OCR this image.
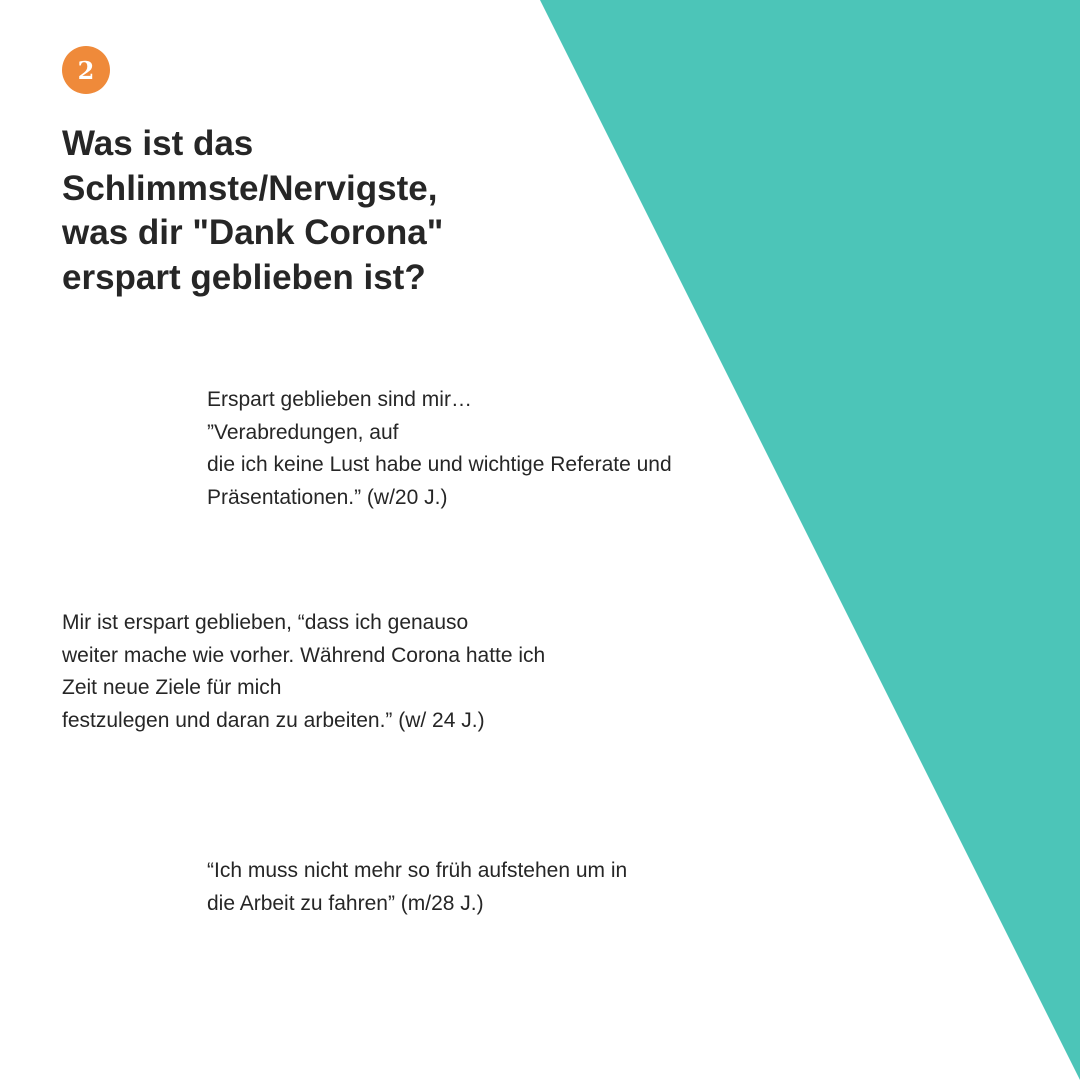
2
Was ist das
Schlimmste/Nervigste,
was dir "Dank Corona"
erspart geblieben ist?

Erspart geblieben sind mir…
”Verabredungen, auf
die ich keine Lust habe und wichtige Referate und
Präsentationen.” (w/20 J.)

Mir ist erspart geblieben, “dass ich genauso
weiter mache wie vorher. Während Corona hatte ich
Zeit neue Ziele für mich
festzulegen und daran zu arbeiten.” (w/ 24 J.)

“Ich muss nicht mehr so früh aufstehen um in
die Arbeit zu fahren” (m/28 J.)
